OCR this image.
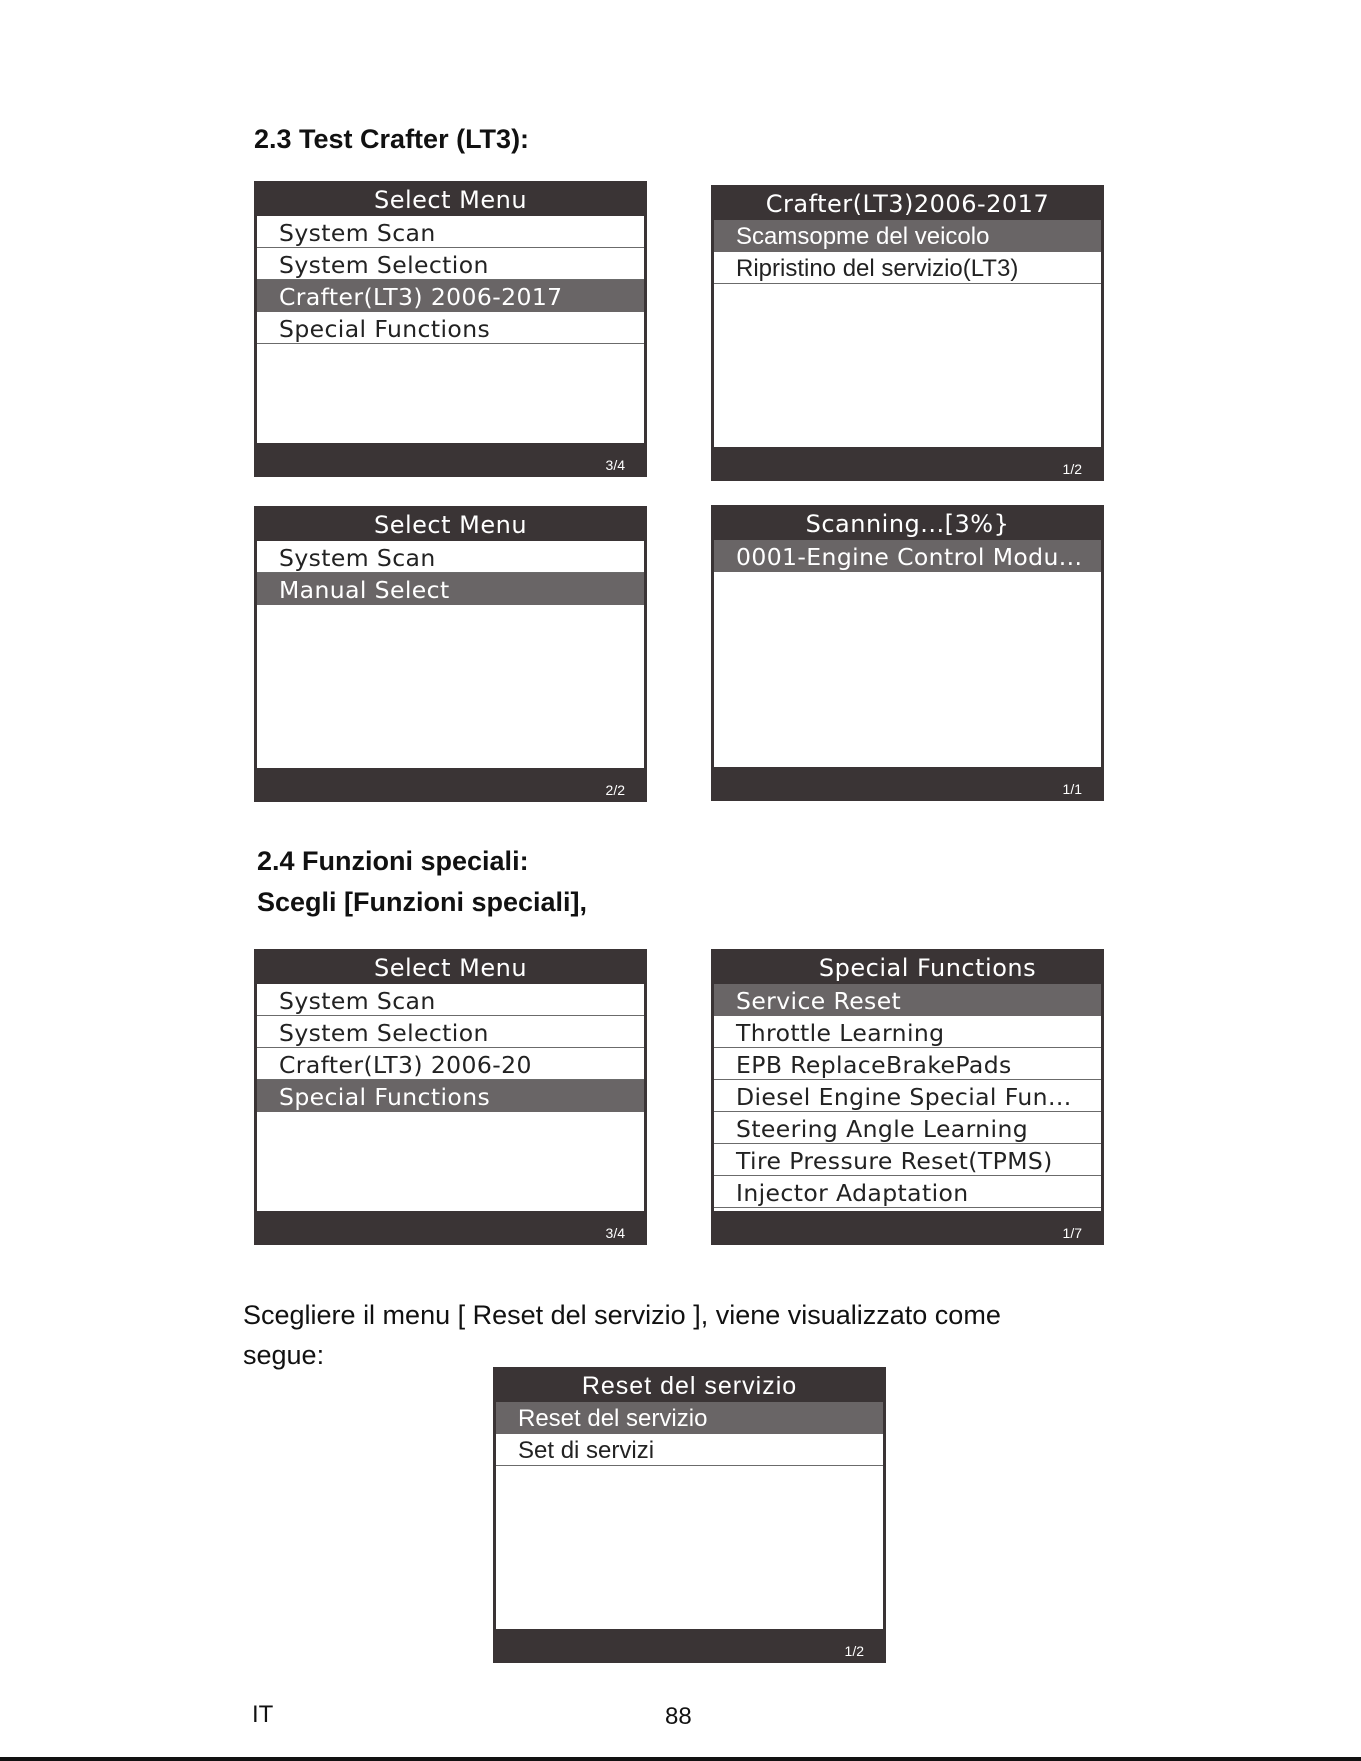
2.3 Test Crafter (LT3):
Select Menu
System Scan
System Selection
Crafter(LT3) 2006-2017
Special Functions
3/4
Crafter(LT3)2006-2017
Scamsopme del veicolo
Ripristino del servizio(LT3)
1/2
Select Menu
System Scan
Manual Select
2/2
Scanning...[3%}
0001-Engine Control Modu...
1/1
2.4 Funzioni speciali:
Scegli [Funzioni speciali],
Select Menu
System Scan
System Selection
Crafter(LT3) 2006-20
Special Functions
3/4
Special Functions
Service Reset
Throttle Learning
EPB ReplaceBrakePads
Diesel Engine Special Fun...
Steering Angle Learning
Tire Pressure Reset(TPMS)
Injector Adaptation
1/7
Scegliere il menu [ Reset del servizio ], viene visualizzato come
segue:
Reset del servizio
Reset del servizio
Set di servizi
1/2
IT	88
